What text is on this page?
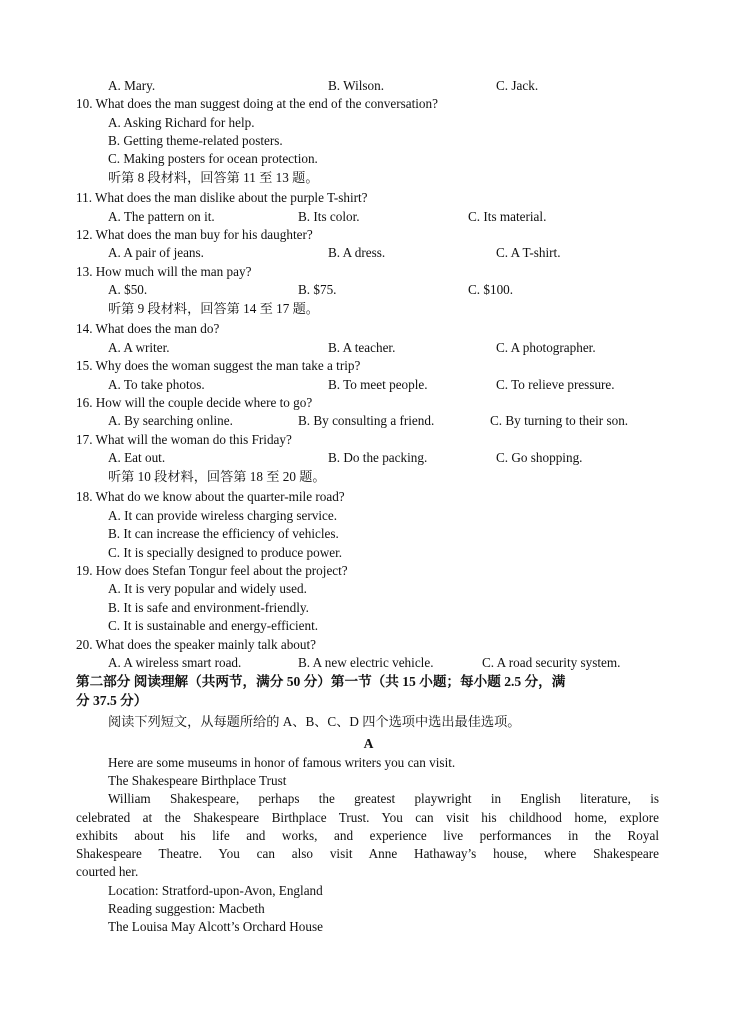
A. Mary.	B. Wilson.	C. Jack.
10. What does the man suggest doing at the end of the conversation?
A. Asking Richard for help.
B. Getting theme-related posters.
C. Making posters for ocean protection.
听第 8 段材料，回答第 11 至 13 题。
11. What does the man dislike about the purple T-shirt?
A. The pattern on it.	B. Its color.	C. Its material.
12. What does the man buy for his daughter?
A. A pair of jeans.	B. A dress.	C. A T-shirt.
13. How much will the man pay?
A. $50.	B. $75.	C. $100.
听第 9 段材料，回答第 14 至 17 题。
14. What does the man do?
A. A writer.	B. A teacher.	C. A photographer.
15. Why does the woman suggest the man take a trip?
A. To take photos.	B. To meet people.	C. To relieve pressure.
16. How will the couple decide where to go?
A. By searching online.	B. By consulting a friend.	C. By turning to their son.
17. What will the woman do this Friday?
A. Eat out.	B. Do the packing.	C. Go shopping.
听第 10 段材料，回答第 18 至 20 题。
18. What do we know about the quarter-mile road?
A. It can provide wireless charging service.
B. It can increase the efficiency of vehicles.
C. It is specially designed to produce power.
19. How does Stefan Tongur feel about the project?
A. It is very popular and widely used.
B. It is safe and environment-friendly.
C. It is sustainable and energy-efficient.
20. What does the speaker mainly talk about?
A. A wireless smart road.	B. A new electric vehicle.	C. A road security system.
第二部分 阅读理解（共两节，满分 50 分）第一节（共 15 小题；每小题 2.5 分，满
分 37.5 分）
阅读下列短文，从每题所给的 A、B、C、D 四个选项中选出最佳选项。
A
Here are some museums in honor of famous writers you can visit.
The Shakespeare Birthplace Trust
William Shakespeare, perhaps the greatest playwright in English literature, is
celebrated at the Shakespeare Birthplace Trust. You can visit his childhood home, explore
exhibits about his life and works, and experience live performances in the Royal
Shakespeare Theatre. You can also visit Anne Hathaway’s house, where Shakespeare
courted her.
Location: Stratford-upon-Avon, England
Reading suggestion: Macbeth
The Louisa May Alcott’s Orchard House
